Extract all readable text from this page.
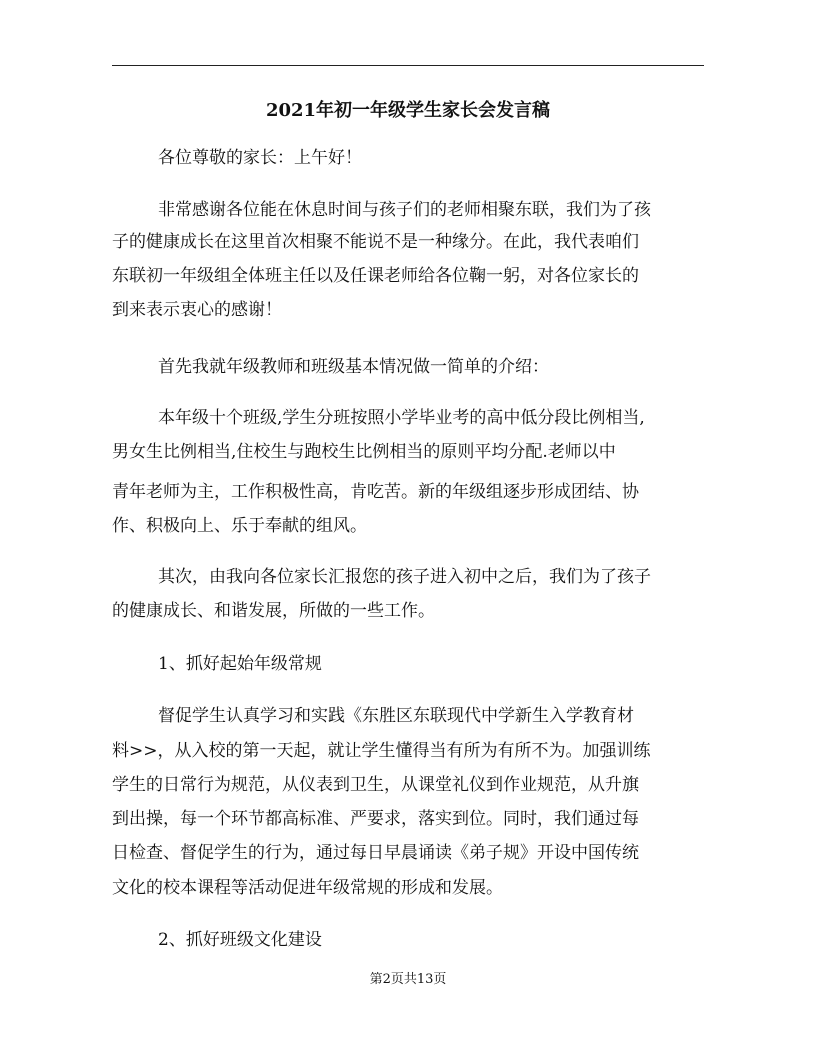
2021年初一年级学生家长会发言稿

各位尊敬的家长：上午好！

非常感谢各位能在休息时间与孩子们的老师相聚东联，我们为了孩

子的健康成长在这里首次相聚不能说不是一种缘分。在此，我代表咱们

东联初一年级组全体班主任以及任课老师给各位鞠一躬，对各位家长的

到来表示衷心的感谢！

首先我就年级教师和班级基本情况做一简单的介绍：

本年级十个班级,学生分班按照小学毕业考的高中低分段比例相当,

男女生比例相当,住校生与跑校生比例相当的原则平均分配.老师以中

青年老师为主，工作积极性高，肯吃苦。新的年级组逐步形成团结、协

作、积极向上、乐于奉献的组风。

其次，由我向各位家长汇报您的孩子进入初中之后，我们为了孩子

的健康成长、和谐发展，所做的一些工作。

1、抓好起始年级常规

督促学生认真学习和实践《东胜区东联现代中学新生入学教育材

料>>，从入校的第一天起，就让学生懂得当有所为有所不为。加强训练

学生的日常行为规范，从仪表到卫生，从课堂礼仪到作业规范，从升旗

到出操，每一个环节都高标准、严要求，落实到位。同时，我们通过每

日检查、督促学生的行为，通过每日早晨诵读《弟子规》开设中国传统

文化的校本课程等活动促进年级常规的形成和发展。

2、抓好班级文化建设

第2页共13页
